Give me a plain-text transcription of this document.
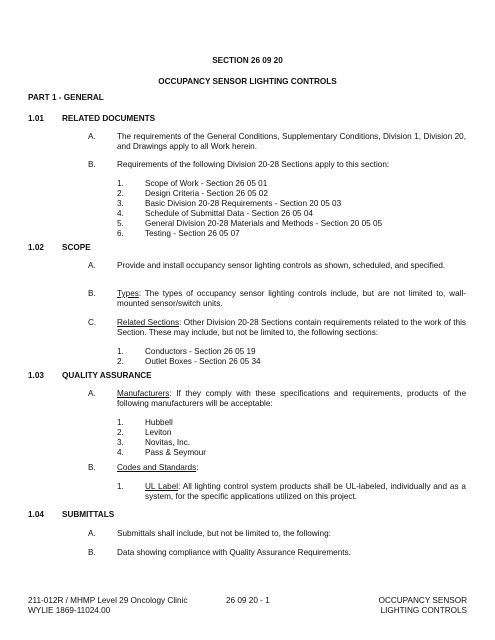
SECTION 26 09 20
OCCUPANCY SENSOR LIGHTING CONTROLS
PART 1 - GENERAL
1.01 RELATED DOCUMENTS
A.	The requirements of the General Conditions, Supplementary Conditions, Division 1, Division 20, and Drawings apply to all Work herein.
B.	Requirements of the following Division 20-28 Sections apply to this section:
1.	Scope of Work - Section 26 05 01
2.	Design Criteria - Section 26 05 02
3.	Basic Division 20-28 Requirements - Section 20 05 03
4.	Schedule of Submittal Data - Section 26 05 04
5.	General Division 20-28 Materials and Methods - Section 20 05 05
6.	Testing - Section 26 05 07
1.02 SCOPE
A.	Provide and install occupancy sensor lighting controls as shown, scheduled, and specified.
B.	Types: The types of occupancy sensor lighting controls include, but are not limited to, wall-mounted sensor/switch units.
C.	Related Sections: Other Division 20-28 Sections contain requirements related to the work of this Section. These may include, but not be limited to, the following sections:
1.	Conductors - Section 26 05 19
2.	Outlet Boxes - Section 26 05 34
1.03 QUALITY ASSURANCE
A.	Manufacturers: If they comply with these specifications and requirements, products of the following manufacturers will be acceptable:
1.	Hubbell
2.	Leviton
3.	Novitas, Inc.
4.	Pass & Seymour
B.	Codes and Standards:
1.	UL Label: All lighting control system products shall be UL-labeled, individually and as a system, for the specific applications utilized on this project.
1.04 SUBMITTALS
A.	Submittals shall include, but not be limited to, the following:
B.	Data showing compliance with Quality Assurance Requirements.
211-012R / MHMP Level 29 Oncology Clinic
WYLIE 1869-11024.00
26 09 20 - 1	OCCUPANCY SENSOR
LIGHTING CONTROLS
